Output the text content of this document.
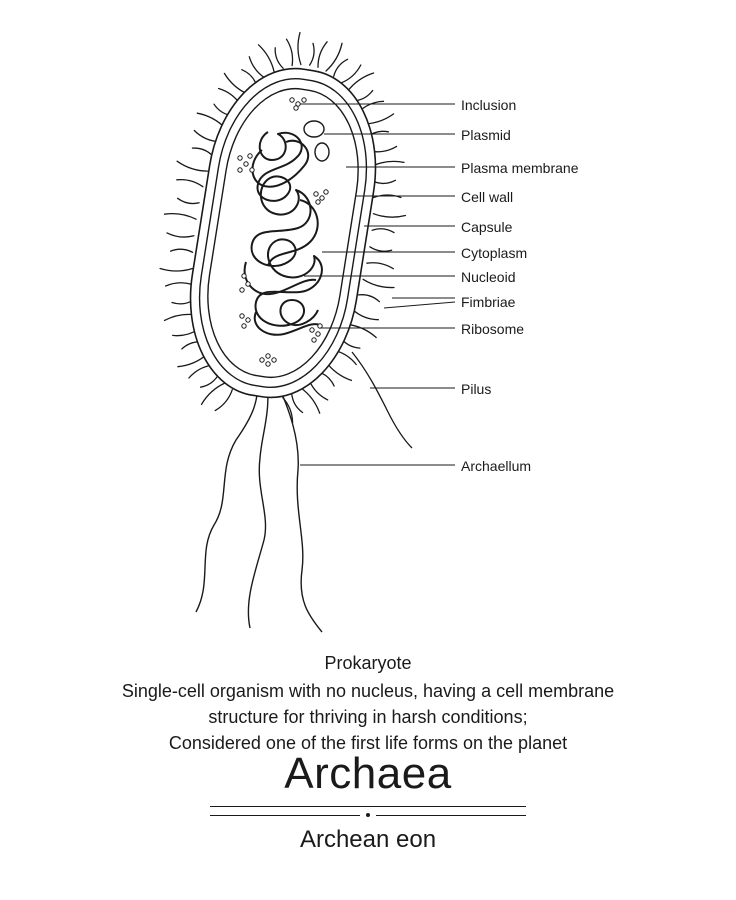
Inclusion
Plasmid
Plasma membrane
Cell wall
Capsule
Cytoplasm
Nucleoid
Fimbriae
Ribosome
Pilus
Archaellum
Prokaryote
Single-cell organism with no nucleus, having a cell membrane
structure for thriving in harsh conditions;
Considered one of the first life forms on the planet
Archaea
Archean eon
